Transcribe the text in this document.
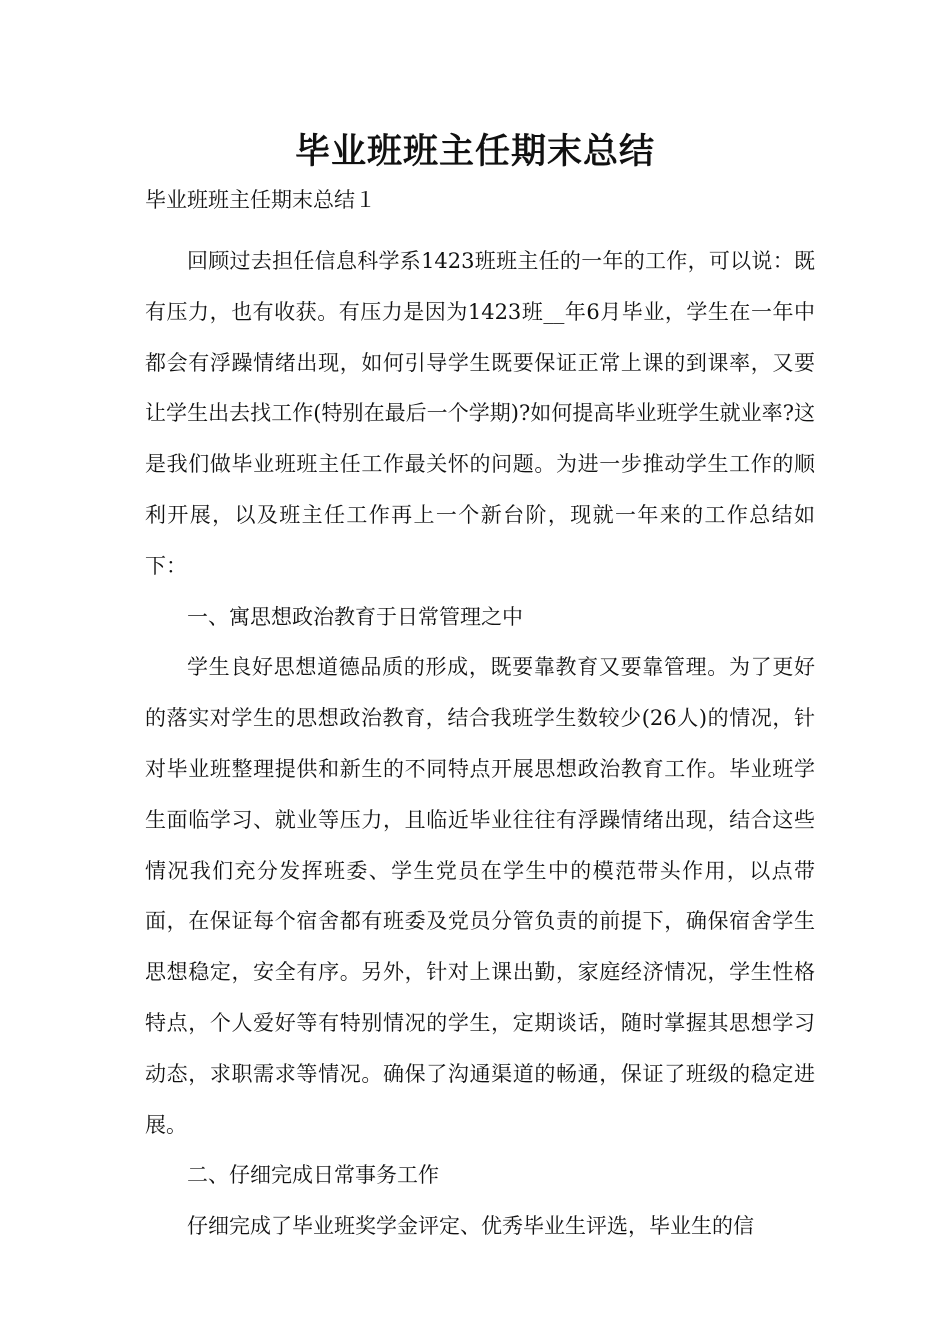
毕业班班主任期末总结

毕业班班主任期末总结１

回顾过去担任信息科学系1423班班主任的一年的工作，可以说：既有压力，也有收获。有压力是因为1423班__年6月毕业，学生在一年中都会有浮躁情绪出现，如何引导学生既要保证正常上课的到课率，又要让学生出去找工作(特别在最后一个学期)?如何提高毕业班学生就业率?这是我们做毕业班班主任工作最关怀的问题。为进一步推动学生工作的顺利开展，以及班主任工作再上一个新台阶，现就一年来的工作总结如下：

一、寓思想政治教育于日常管理之中

学生良好思想道德品质的形成，既要靠教育又要靠管理。为了更好的落实对学生的思想政治教育，结合我班学生数较少(26人)的情况，针对毕业班整理提供和新生的不同特点开展思想政治教育工作。毕业班学生面临学习、就业等压力，且临近毕业往往有浮躁情绪出现，结合这些情况我们充分发挥班委、学生党员在学生中的模范带头作用，以点带面，在保证每个宿舍都有班委及党员分管负责的前提下，确保宿舍学生思想稳定，安全有序。另外，针对上课出勤，家庭经济情况，学生性格特点，个人爱好等有特别情况的学生，定期谈话，随时掌握其思想学习动态，求职需求等情况。确保了沟通渠道的畅通，保证了班级的稳定进展。

二、仔细完成日常事务工作

仔细完成了毕业班奖学金评定、优秀毕业生评选，毕业生的信
